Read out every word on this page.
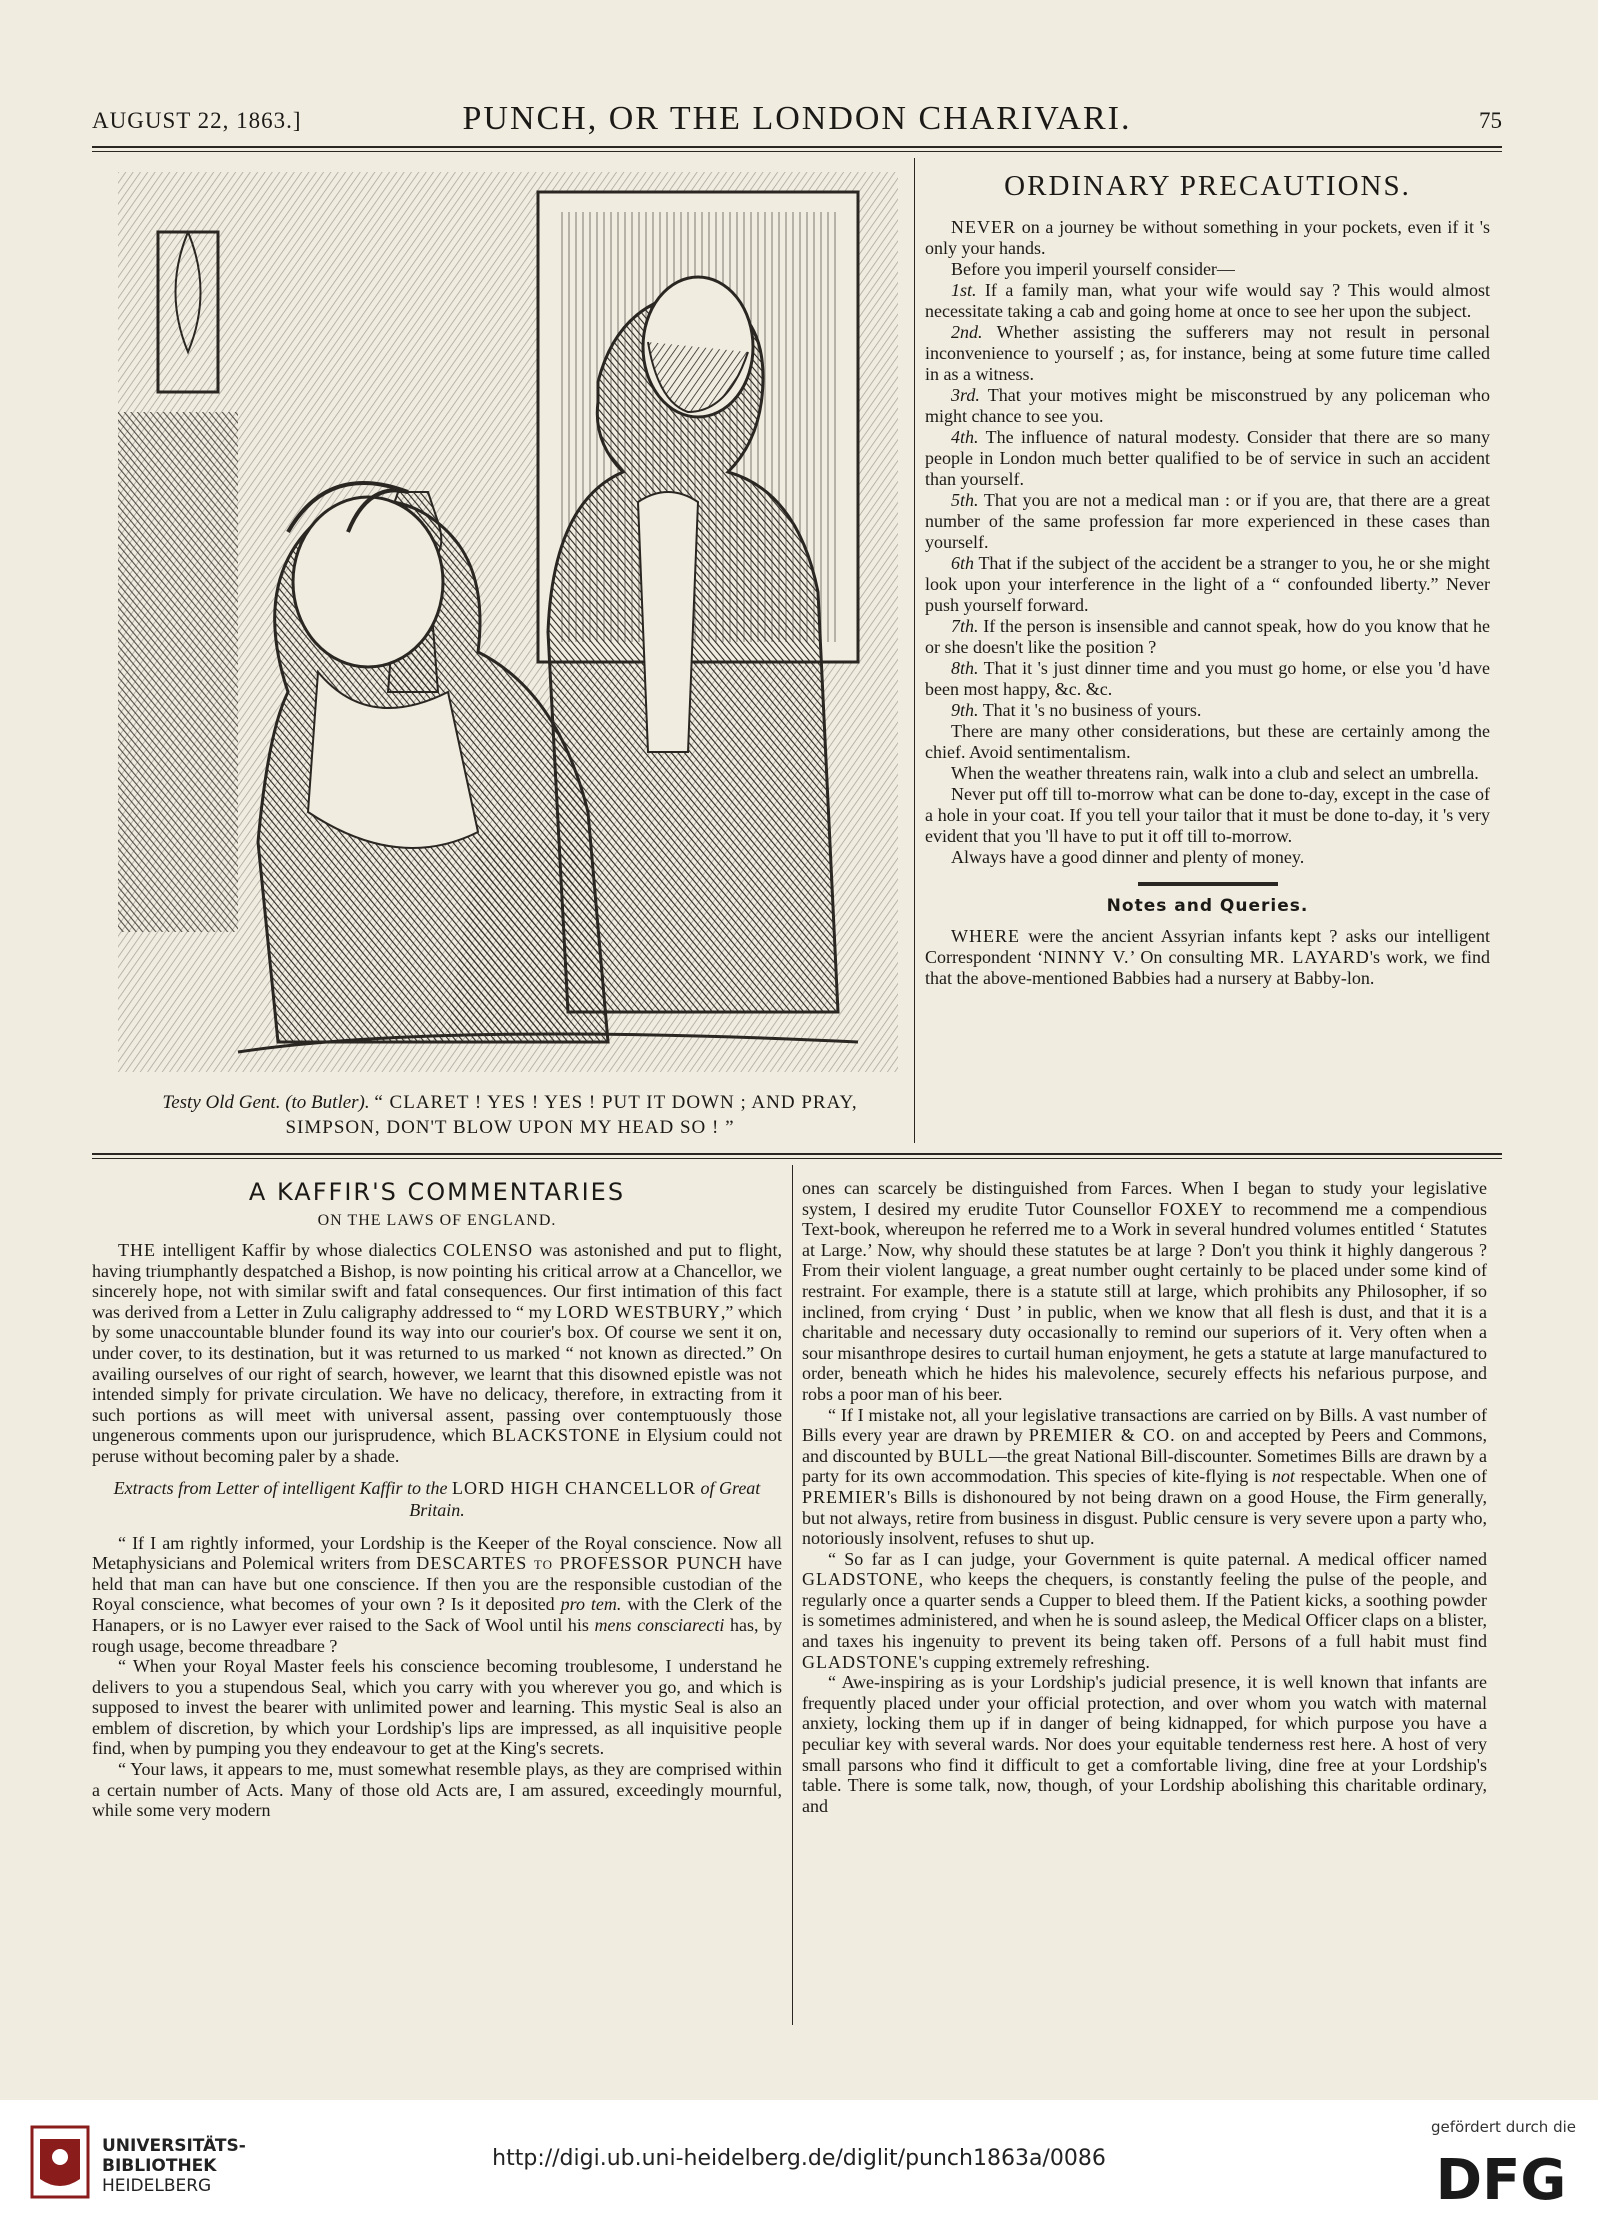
AUGUST 22, 1863.]	PUNCH, OR THE LONDON CHARIVARI.	75
Testy Old Gent. (to Butler). “ CLARET ! YES ! YES ! PUT IT DOWN ; AND PRAY,
SIMPSON, DON'T BLOW UPON MY HEAD SO ! ”
ORDINARY PRECAUTIONS.

NEVER on a journey be without something in your pockets, even if it 's only your hands.

Before you imperil yourself consider—

1st. If a family man, what your wife would say ? This would almost necessitate taking a cab and going home at once to see her upon the subject.

2nd. Whether assisting the sufferers may not result in personal inconvenience to yourself ; as, for instance, being at some future time called in as a witness.

3rd. That your motives might be misconstrued by any policeman who might chance to see you.

4th. The influence of natural modesty. Consider that there are so many people in London much better qualified to be of service in such an accident than yourself.

5th. That you are not a medical man : or if you are, that there are a great number of the same profession far more experienced in these cases than yourself.

6th That if the subject of the accident be a stranger to you, he or she might look upon your interference in the light of a “ confounded liberty.” Never push yourself forward.

7th. If the person is insensible and cannot speak, how do you know that he or she doesn't like the position ?

8th. That it 's just dinner time and you must go home, or else you 'd have been most happy, &c. &c.

9th. That it 's no business of yours.

There are many other considerations, but these are certainly among the chief. Avoid sentimentalism.

When the weather threatens rain, walk into a club and select an umbrella.

Never put off till to-morrow what can be done to-day, except in the case of a hole in your coat. If you tell your tailor that it must be done to-day, it 's very evident that you 'll have to put it off till to-morrow.

Always have a good dinner and plenty of money.

Notes and Queries.

WHERE were the ancient Assyrian infants kept ? asks our intelligent Correspondent ‘NINNY V.’ On consulting MR. LAYARD's work, we find that the above-mentioned Babbies had a nursery at Babby-lon.

A KAFFIR'S COMMENTARIES
ON THE LAWS OF ENGLAND.

THE intelligent Kaffir by whose dialectics COLENSO was astonished and put to flight, having triumphantly despatched a Bishop, is now pointing his critical arrow at a Chancellor, we sincerely hope, not with similar swift and fatal consequences. Our first intimation of this fact was derived from a Letter in Zulu caligraphy addressed to “ my LORD WESTBURY,” which by some unaccountable blunder found its way into our courier's box. Of course we sent it on, under cover, to its destination, but it was returned to us marked “ not known as directed.” On availing ourselves of our right of search, however, we learnt that this disowned epistle was not intended simply for private circulation. We have no delicacy, therefore, in extracting from it such portions as will meet with universal assent, passing over contemptuously those ungenerous comments upon our jurisprudence, which BLACKSTONE in Elysium could not peruse without becoming paler by a shade.

Extracts from Letter of intelligent Kaffir to the LORD HIGH CHANCELLOR of Great Britain.

“ If I am rightly informed, your Lordship is the Keeper of the Royal conscience. Now all Metaphysicians and Polemical writers from DESCARTES to PROFESSOR PUNCH have held that man can have but one conscience. If then you are the responsible custodian of the Royal conscience, what becomes of your own ? Is it deposited pro tem. with the Clerk of the Hanapers, or is no Lawyer ever raised to the Sack of Wool until his mens consciarecti has, by rough usage, become threadbare ?

“ When your Royal Master feels his conscience becoming troublesome, I understand he delivers to you a stupendous Seal, which you carry with you wherever you go, and which is supposed to invest the bearer with unlimited power and learning. This mystic Seal is also an emblem of discretion, by which your Lordship's lips are impressed, as all inquisitive people find, when by pumping you they endeavour to get at the King's secrets.

“ Your laws, it appears to me, must somewhat resemble plays, as they are comprised within a certain number of Acts. Many of those old Acts are, I am assured, exceedingly mournful, while some very modern

ones can scarcely be distinguished from Farces. When I began to study your legislative system, I desired my erudite Tutor Counsellor FOXEY to recommend me a compendious Text-book, whereupon he referred me to a Work in several hundred volumes entitled ‘ Statutes at Large.’ Now, why should these statutes be at large ? Don't you think it highly dangerous ? From their violent language, a great number ought certainly to be placed under some kind of restraint. For example, there is a statute still at large, which prohibits any Philosopher, if so inclined, from crying ‘ Dust ’ in public, when we know that all flesh is dust, and that it is a charitable and necessary duty occasionally to remind our superiors of it. Very often when a sour misanthrope desires to curtail human enjoyment, he gets a statute at large manufactured to order, beneath which he hides his malevolence, securely effects his nefarious purpose, and robs a poor man of his beer.

“ If I mistake not, all your legislative transactions are carried on by Bills. A vast number of Bills every year are drawn by PREMIER & CO. on and accepted by Peers and Commons, and discounted by BULL—the great National Bill-discounter. Sometimes Bills are drawn by a party for its own accommodation. This species of kite-flying is not respectable. When one of PREMIER's Bills is dishonoured by not being drawn on a good House, the Firm generally, but not always, retire from business in disgust. Public censure is very severe upon a party who, notoriously insolvent, refuses to shut up.

“ So far as I can judge, your Government is quite paternal. A medical officer named GLADSTONE, who keeps the chequers, is constantly feeling the pulse of the people, and regularly once a quarter sends a Cupper to bleed them. If the Patient kicks, a soothing powder is sometimes administered, and when he is sound asleep, the Medical Officer claps on a blister, and taxes his ingenuity to prevent its being taken off. Persons of a full habit must find GLADSTONE's cupping extremely refreshing.

“ Awe-inspiring as is your Lordship's judicial presence, it is well known that infants are frequently placed under your official protection, and over whom you watch with maternal anxiety, locking them up if in danger of being kidnapped, for which purpose you have a peculiar key with several wards. Nor does your equitable tenderness rest here. A host of very small parsons who find it difficult to get a comfortable living, dine free at your Lordship's table. There is some talk, now, though, of your Lordship abolishing this charitable ordinary, and

UNIVERSITÄTS-
BIBLIOTHEK
HEIDELBERG
http://digi.ub.uni-heidelberg.de/diglit/punch1863a/0086
gefördert durch die
DFG
